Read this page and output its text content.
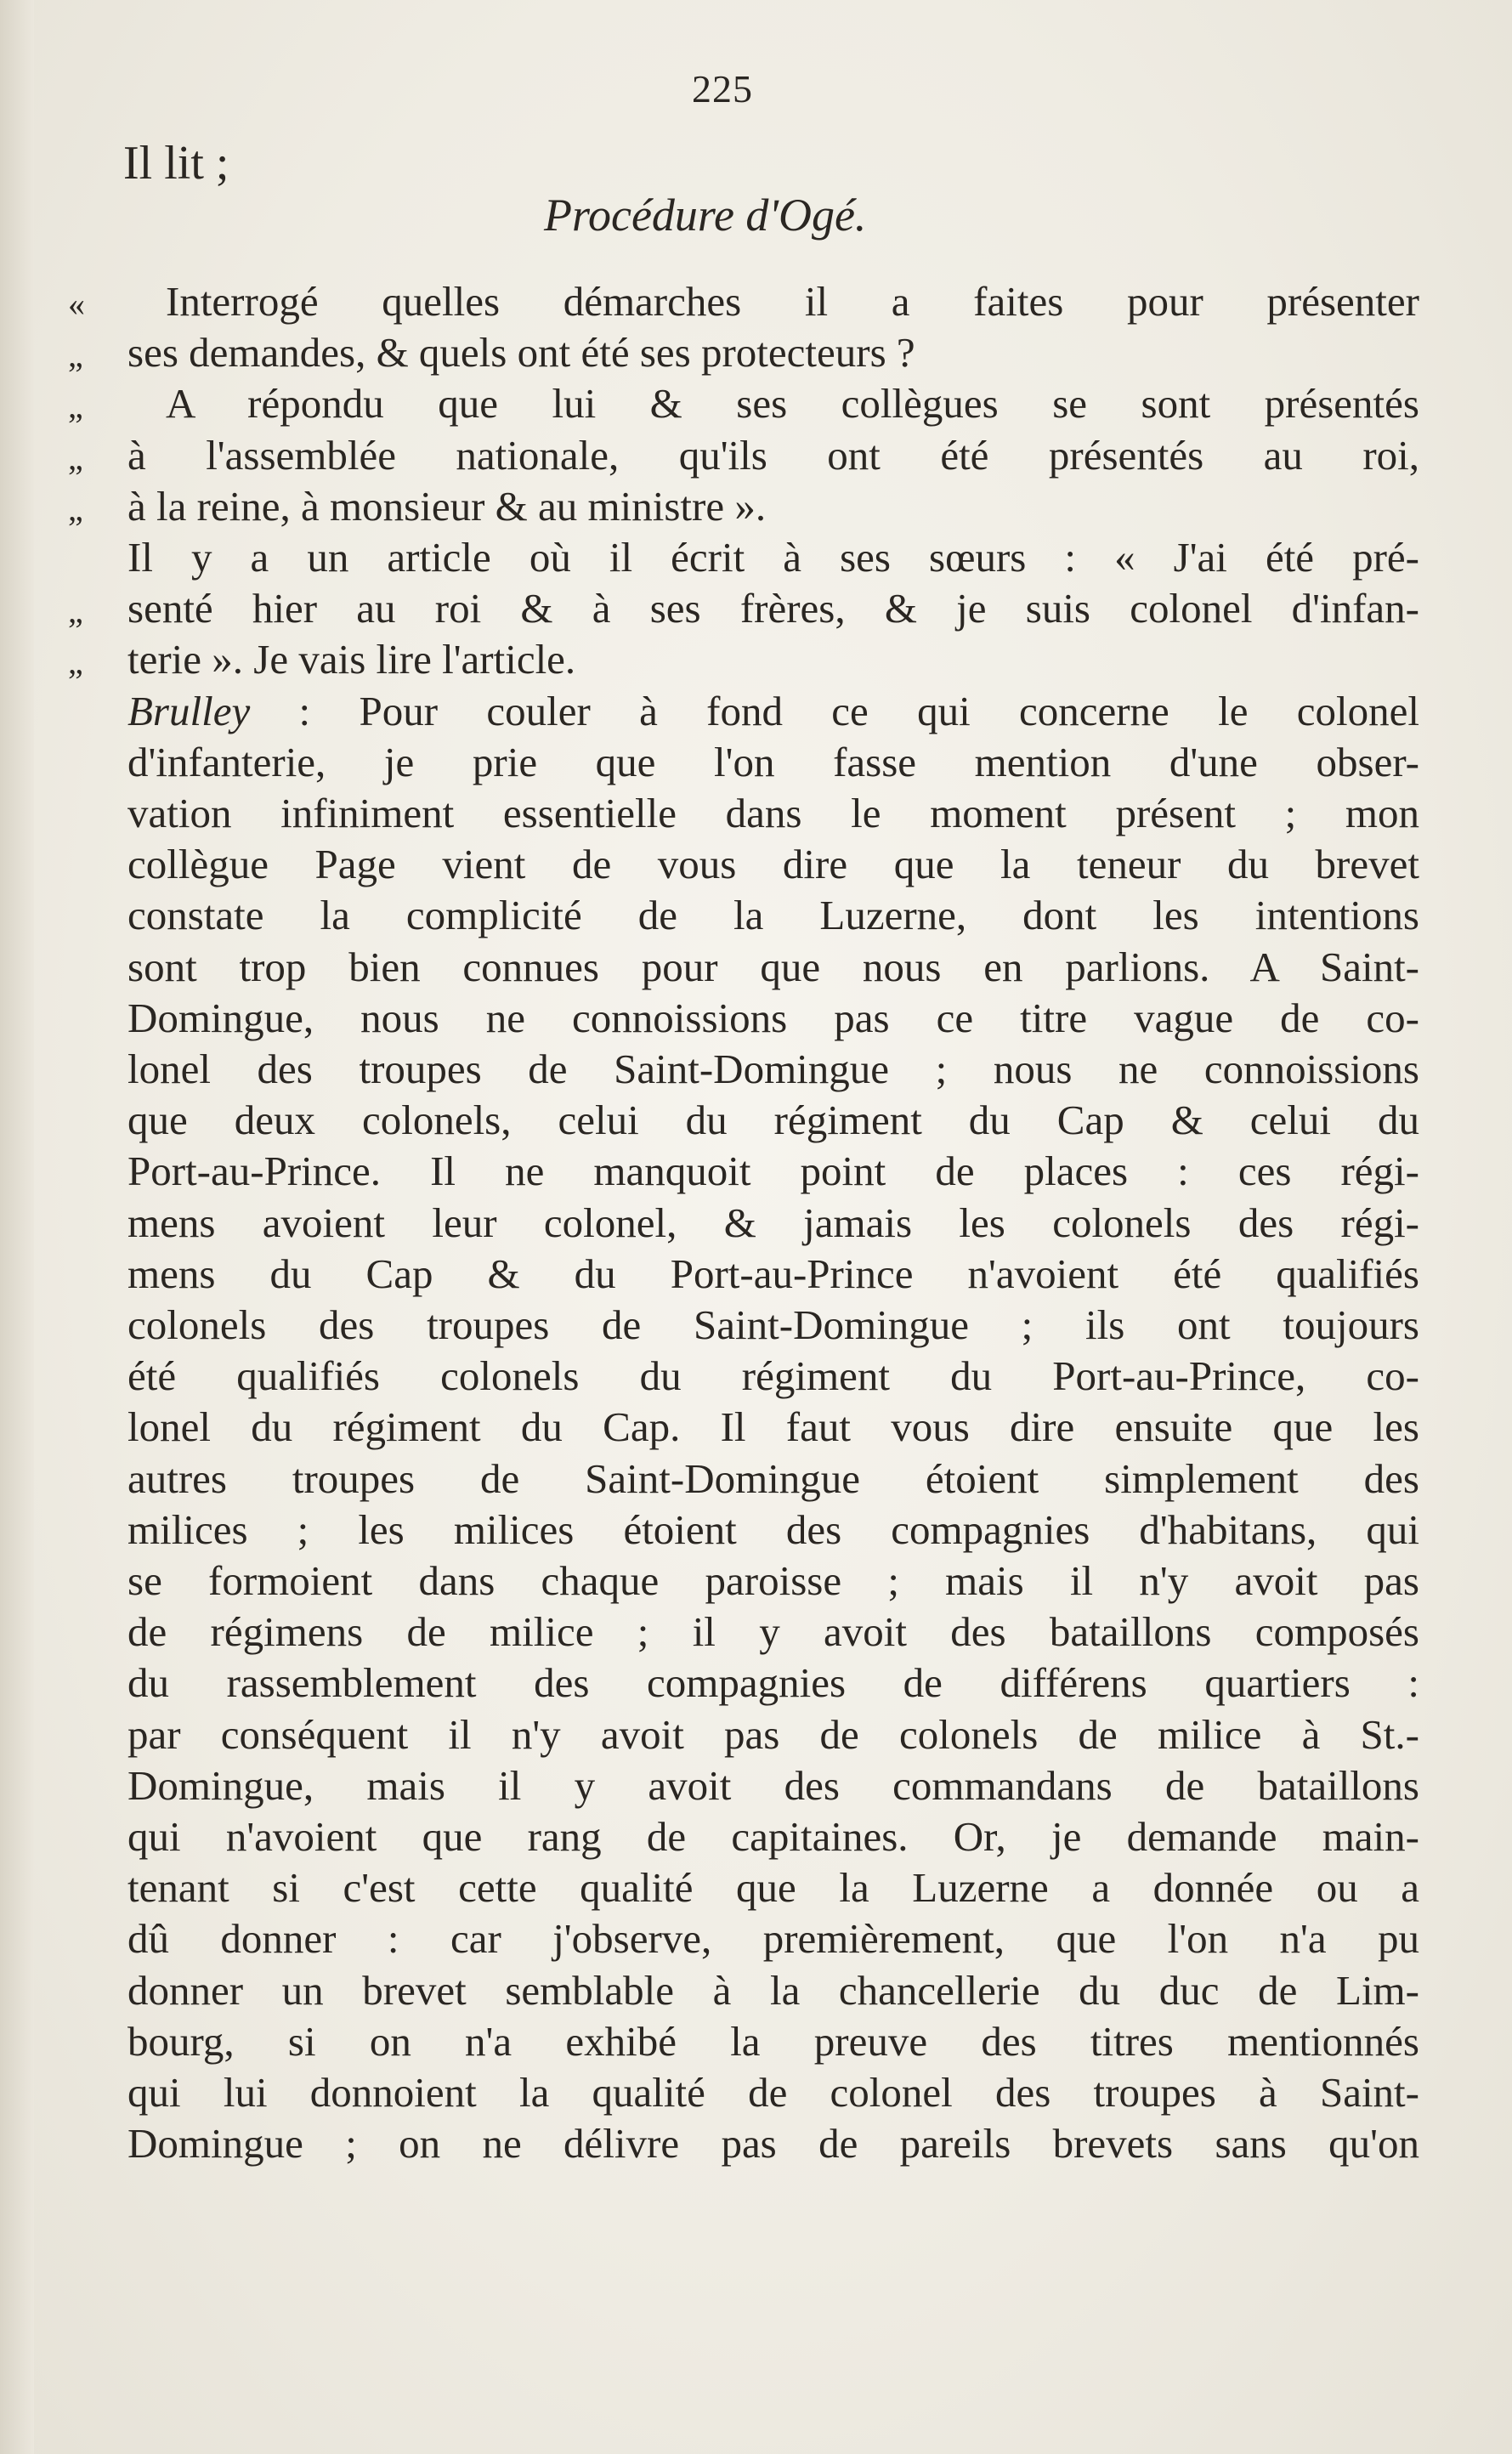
225
Il lit ;
Procédure d'Ogé.
« Interrogé quelles démarches il a faites pour présenter
„ ses demandes, & quels ont été ses protecteurs ?
„ A répondu que lui & ses collègues se sont présentés
„ à l'assemblée nationale, qu'ils ont été présentés au roi,
„ à la reine, à monsieur & au ministre ».
Il y a un article où il écrit à ses sœurs : « J'ai été pré-
„ senté hier au roi & à ses frères, & je suis colonel d'infan-
„ terie ». Je vais lire l'article.
Brulley : Pour couler à fond ce qui concerne le colonel
d'infanterie, je prie que l'on fasse mention d'une obser-
vation infiniment essentielle dans le moment présent ; mon
collègue Page vient de vous dire que la teneur du brevet
constate la complicité de la Luzerne, dont les intentions
sont trop bien connues pour que nous en parlions. A Saint-
Domingue, nous ne connoissions pas ce titre vague de co-
lonel des troupes de Saint-Domingue ; nous ne connoissions
que deux colonels, celui du régiment du Cap & celui du
Port-au-Prince. Il ne manquoit point de places : ces régi-
mens avoient leur colonel, & jamais les colonels des régi-
mens du Cap & du Port-au-Prince n'avoient été qualifiés
colonels des troupes de Saint-Domingue ; ils ont toujours
été qualifiés colonels du régiment du Port-au-Prince, co-
lonel du régiment du Cap. Il faut vous dire ensuite que les
autres troupes de Saint-Domingue étoient simplement des
milices ; les milices étoient des compagnies d'habitans, qui
se formoient dans chaque paroisse ; mais il n'y avoit pas
de régimens de milice ; il y avoit des bataillons composés
du rassemblement des compagnies de différens quartiers :
par conséquent il n'y avoit pas de colonels de milice à St.-
Domingue, mais il y avoit des commandans de bataillons
qui n'avoient que rang de capitaines. Or, je demande main-
tenant si c'est cette qualité que la Luzerne a donnée ou a
dû donner : car j'observe, premièrement, que l'on n'a pu
donner un brevet semblable à la chancellerie du duc de Lim-
bourg, si on n'a exhibé la preuve des titres mentionnés
qui lui donnoient la qualité de colonel des troupes à Saint-
Domingue ; on ne délivre pas de pareils brevets sans qu'on
